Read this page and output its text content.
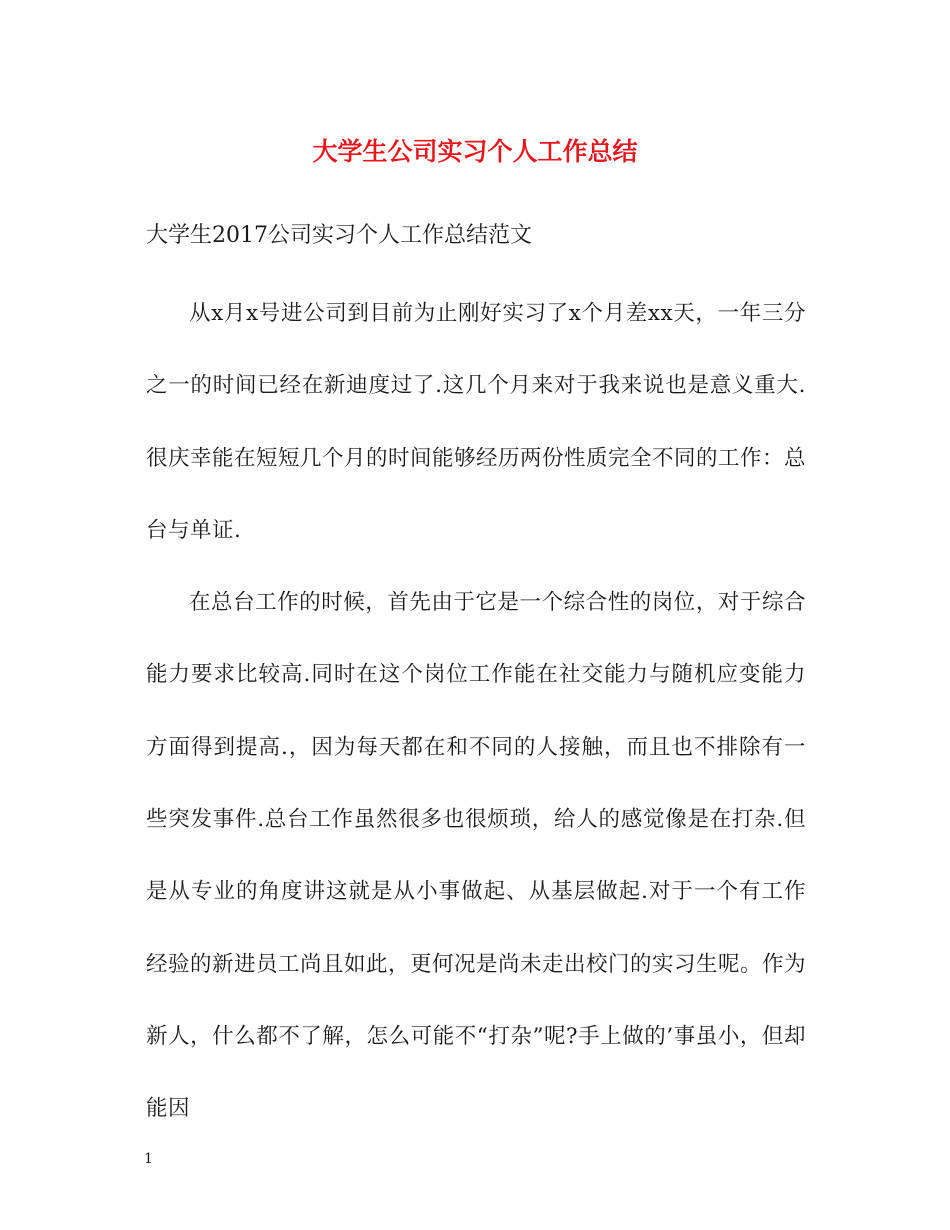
大学生公司实习个人工作总结

大学生2017公司实习个人工作总结范文

从x月x号进公司到目前为止刚好实习了x个月差xx天，一年三分之一的时间已经在新迪度过了.这几个月来对于我来说也是意义重大.很庆幸能在短短几个月的时间能够经历两份性质完全不同的工作：总台与单证.

在总台工作的时候，首先由于它是一个综合性的岗位，对于综合能力要求比较高.同时在这个岗位工作能在社交能力与随机应变能力方面得到提高.，因为每天都在和不同的人接触，而且也不排除有一些突发事件.总台工作虽然很多也很烦琐，给人的感觉像是在打杂.但是从专业的角度讲这就是从小事做起、从基层做起.对于一个有工作经验的新进员工尚且如此，更何况是尚未走出校门的实习生呢。作为新人，什么都不了解，怎么可能不“打杂”呢?手上做的’事虽小，但却能因

1
